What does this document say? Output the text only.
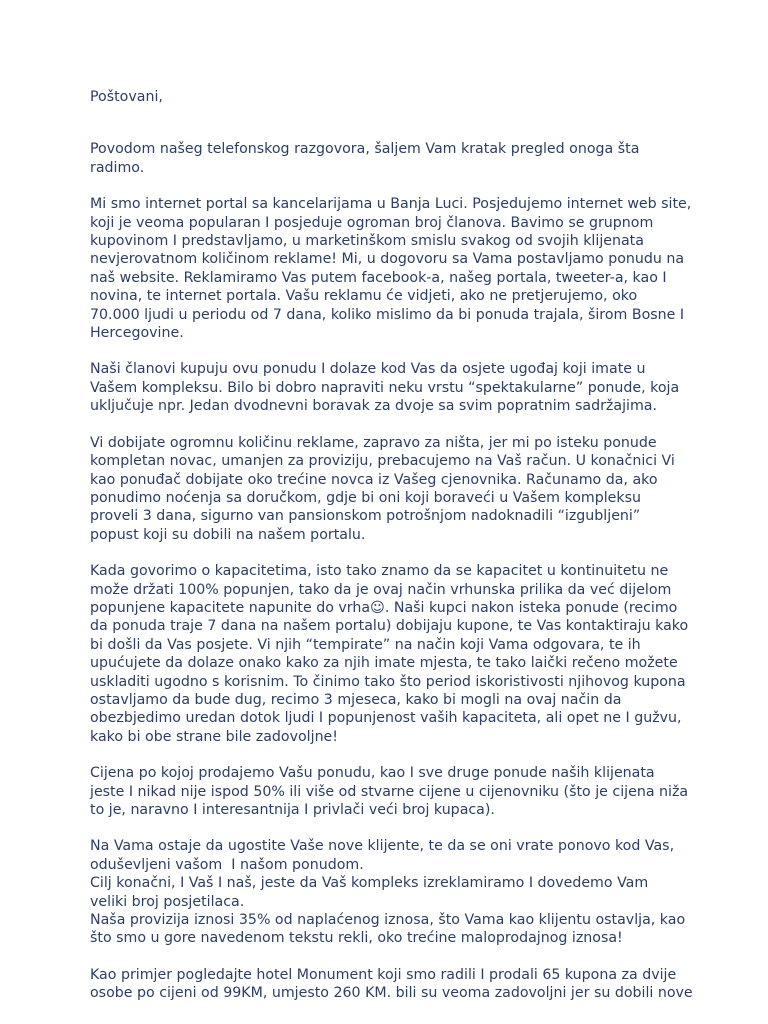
Poštovani,
Povodom našeg telefonskog razgovora, šaljem Vam kratak pregled onoga šta
radimo.
Mi smo internet portal sa kancelarijama u Banja Luci. Posjedujemo internet web site,
koji je veoma popularan I posjeduje ogroman broj članova. Bavimo se grupnom
kupovinom I predstavljamo, u marketinškom smislu svakog od svojih klijenata
nevjerovatnom količinom reklame! Mi, u dogovoru sa Vama postavljamo ponudu na
naš website. Reklamiramo Vas putem facebook-a, našeg portala, tweeter-a, kao I
novina, te internet portala. Vašu reklamu će vidjeti, ako ne pretjerujemo, oko
70.000 ljudi u periodu od 7 dana, koliko mislimo da bi ponuda trajala, širom Bosne I
Hercegovine.
Naši članovi kupuju ovu ponudu I dolaze kod Vas da osjete ugođaj koji imate u
Vašem kompleksu. Bilo bi dobro napraviti neku vrstu “spektakularne” ponude, koja
uključuje npr. Jedan dvodnevni boravak za dvoje sa svim popratnim sadržajima.
Vi dobijate ogromnu količinu reklame, zapravo za ništa, jer mi po isteku ponude
kompletan novac, umanjen za proviziju, prebacujemo na Vaš račun. U konačnici Vi
kao ponuđač dobijate oko trećine novca iz Vašeg cjenovnika. Računamo da, ako
ponudimo noćenja sa doručkom, gdje bi oni koji boraveći u Vašem kompleksu
proveli 3 dana, sigurno van pansionskom potrošnjom nadoknadili “izgubljeni”
popust koji su dobili na našem portalu.
Kada govorimo o kapacitetima, isto tako znamo da se kapacitet u kontinuitetu ne
može držati 100% popunjen, tako da je ovaj način vrhunska prilika da već dijelom
popunjene kapacitete napunite do vrha☺. Naši kupci nakon isteka ponude (recimo
da ponuda traje 7 dana na našem portalu) dobijaju kupone, te Vas kontaktiraju kako
bi došli da Vas posjete. Vi njih “tempirate” na način koji Vama odgovara, te ih
upućujete da dolaze onako kako za njih imate mjesta, te tako laički rečeno možete
uskladiti ugodno s korisnim. To činimo tako što period iskoristivosti njihovog kupona
ostavljamo da bude dug, recimo 3 mjeseca, kako bi mogli na ovaj način da
obezbjedimo uredan dotok ljudi I popunjenost vaših kapaciteta, ali opet ne I gužvu,
kako bi obe strane bile zadovoljne!
Cijena po kojoj prodajemo Vašu ponudu, kao I sve druge ponude naših klijenata
jeste I nikad nije ispod 50% ili više od stvarne cijene u cijenovniku (što je cijena niža
to je, naravno I interesantnija I privlači veći broj kupaca).
Na Vama ostaje da ugostite Vaše nove klijente, te da se oni vrate ponovo kod Vas,
oduševljeni vašom  I našom ponudom.
Cilj konačni, I Vaš I naš, jeste da Vaš kompleks izreklamiramo I dovedemo Vam
veliki broj posjetilaca.
Naša provizija iznosi 35% od naplaćenog iznosa, što Vama kao klijentu ostavlja, kao
što smo u gore navedenom tekstu rekli, oko trećine maloprodajnog iznosa!
Kao primjer pogledajte hotel Monument koji smo radili I prodali 65 kupona za dvije
osobe po cijeni od 99KM, umjesto 260 KM. bili su veoma zadovoljni jer su dobili nove
